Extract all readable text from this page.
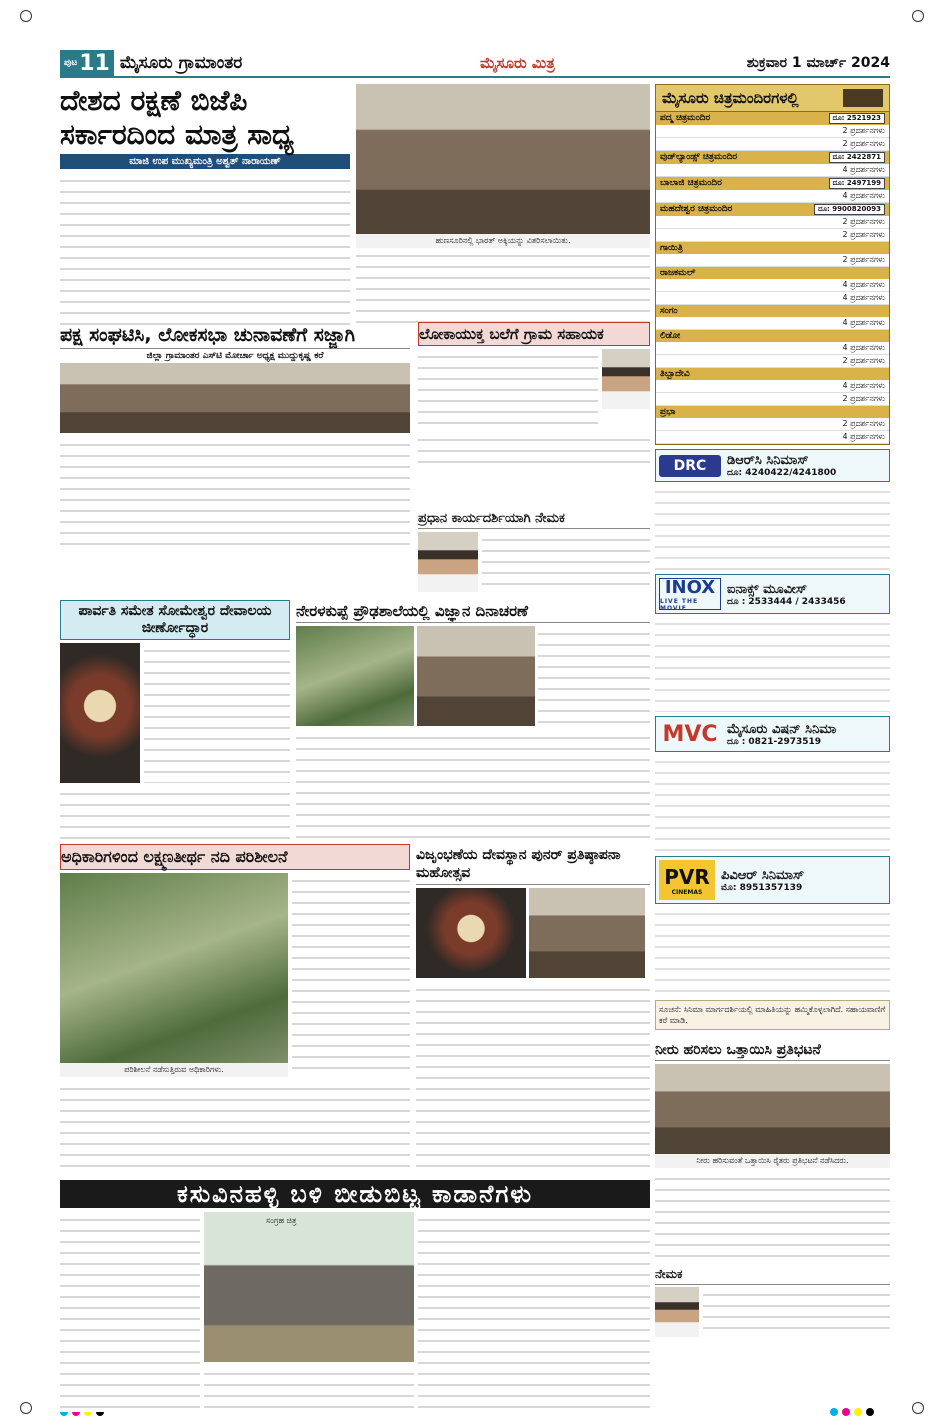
ಪುಟ 11 ಮೈಸೂರು ಗ್ರಾಮಾಂತರ	ಮೈಸೂರು ಮಿತ್ರ	ಶುಕ್ರವಾರ 1 ಮಾರ್ಚ್ 2024
ದೇಶದ ರಕ್ಷಣೆ ಬಿಜೆಪಿ ಸರ್ಕಾರದಿಂದ ಮಾತ್ರ ಸಾಧ್ಯ
ಮಾಜಿ ಉಪ ಮುಖ್ಯಮಂತ್ರಿ ಅಶ್ವತ್ ನಾರಾಯಣ್
ಹುಣಸೂರಿನಲ್ಲಿ ಭಾರತ್ ಅಕ್ಕಿಯನ್ನು ವಿತರಿಸಲಾಯಿತು.
ಪಕ್ಷ ಸಂಘಟಿಸಿ, ಲೋಕಸಭಾ ಚುನಾವಣೆಗೆ ಸಜ್ಜಾಗಿ
ಜಿಲ್ಲಾ ಗ್ರಾಮಾಂತರ ಎಸ್‌ಟಿ ಮೋರ್ಚಾ ಅಧ್ಯಕ್ಷ ಮುದ್ದುಕೃಷ್ಣ ಕರೆ
ಲೋಕಾಯುಕ್ತ ಬಲೆಗೆ ಗ್ರಾಮ ಸಹಾಯಕ
ಪ್ರಧಾನ ಕಾರ್ಯದರ್ಶಿಯಾಗಿ ನೇಮಕ
ಪಾರ್ವತಿ ಸಮೇತ ಸೋಮೇಶ್ವರ ದೇವಾಲಯ ಜೀರ್ಣೋದ್ಧಾರ
ನೇರಳಕುಪ್ಪೆ ಪ್ರೌಢಶಾಲೆಯಲ್ಲಿ ವಿಜ್ಞಾನ ದಿನಾಚರಣೆ
ಅಧಿಕಾರಿಗಳಿಂದ ಲಕ್ಷ್ಮಣತೀರ್ಥ ನದಿ ಪರಿಶೀಲನೆ
ಪರಿಶೀಲನೆ ನಡೆಸುತ್ತಿರುವ ಅಧಿಕಾರಿಗಳು.
ವಿಜೃಂಭಣೆಯ ದೇವಸ್ಥಾನ ಪುನರ್ ಪ್ರತಿಷ್ಠಾಪನಾ ಮಹೋತ್ಸವ
ಕಸುವಿನಹಳ್ಳಿ ಬಳಿ ಬೀಡುಬಿಟ್ಟ ಕಾಡಾನೆಗಳು
ಸಂಗ್ರಹ ಚಿತ್ರ
ಮೈಸೂರು ಚಿತ್ರಮಂದಿರಗಳಲ್ಲಿ
ಪದ್ಮ ಚಿತ್ರಮಂದಿರ	ದೂ: 2521923

2 ಪ್ರದರ್ಶನಗಳು

2 ಪ್ರದರ್ಶನಗಳು
ವುಡ್‌ಲ್ಯಾಂಡ್ಸ್ ಚಿತ್ರಮಂದಿರ	ದೂ: 2422871

4 ಪ್ರದರ್ಶನಗಳು
ಬಾಲಾಜಿ ಚಿತ್ರಮಂದಿರ	ದೂ: 2497199

4 ಪ್ರದರ್ಶನಗಳು
ಮಹದೇಶ್ವರ ಚಿತ್ರಮಂದಿರ	ದೂ: 9900820093

2 ಪ್ರದರ್ಶನಗಳು

2 ಪ್ರದರ್ಶನಗಳು
ಗಾಯಿತ್ರಿ

2 ಪ್ರದರ್ಶನಗಳು
ರಾಜಕಮಲ್

4 ಪ್ರದರ್ಶನಗಳು

4 ಪ್ರದರ್ಶನಗಳು
ಸಂಗಂ

4 ಪ್ರದರ್ಶನಗಳು
ಲಿಡೋ

4 ಪ್ರದರ್ಶನಗಳು

2 ಪ್ರದರ್ಶನಗಳು
ತಿಬ್ಬಾದೇವಿ

4 ಪ್ರದರ್ಶನಗಳು

2 ಪ್ರದರ್ಶನಗಳು
ಪ್ರಭಾ

2 ಪ್ರದರ್ಶನಗಳು

4 ಪ್ರದರ್ಶನಗಳು
DRC	ಡಿಆರ್‌ಸಿ ಸಿನಿಮಾಸ್
ದೂ: 4240422/4241800
INOX
LIVE THE MOVIE
ಐನಾಕ್ಸ್ ಮೂವೀಸ್
ದೂ : 2533444 / 2433456
MVC ಮೈಸೂರು ವಿಷನ್ ಸಿನಿಮಾ
ದೂ : 0821-2973519
PVR
CINEMAS
ಪಿವಿಆರ್ ಸಿನಿಮಾಸ್
ಮೊ: 8951357139
ಸೂಚನೆ: ಸಿನಿಮಾ ಮಾರ್ಗದರ್ಶಿಯಲ್ಲಿ ಮಾಹಿತಿಯನ್ನು ಹಮ್ಮಿಕೊಳ್ಳಲಾಗಿದೆ. ಸಹಾಯವಾಣಿಗೆ ಕರೆ ಮಾಡಿ.
ನೀರು ಹರಿಸಲು ಒತ್ತಾಯಿಸಿ ಪ್ರತಿಭಟನೆ
ನೀರು ಹರಿಸುವಂತೆ ಒತ್ತಾಯಿಸಿ ರೈತರು ಪ್ರತಿಭಟನೆ ನಡೆಸಿದರು.
ನೇಮಕ
